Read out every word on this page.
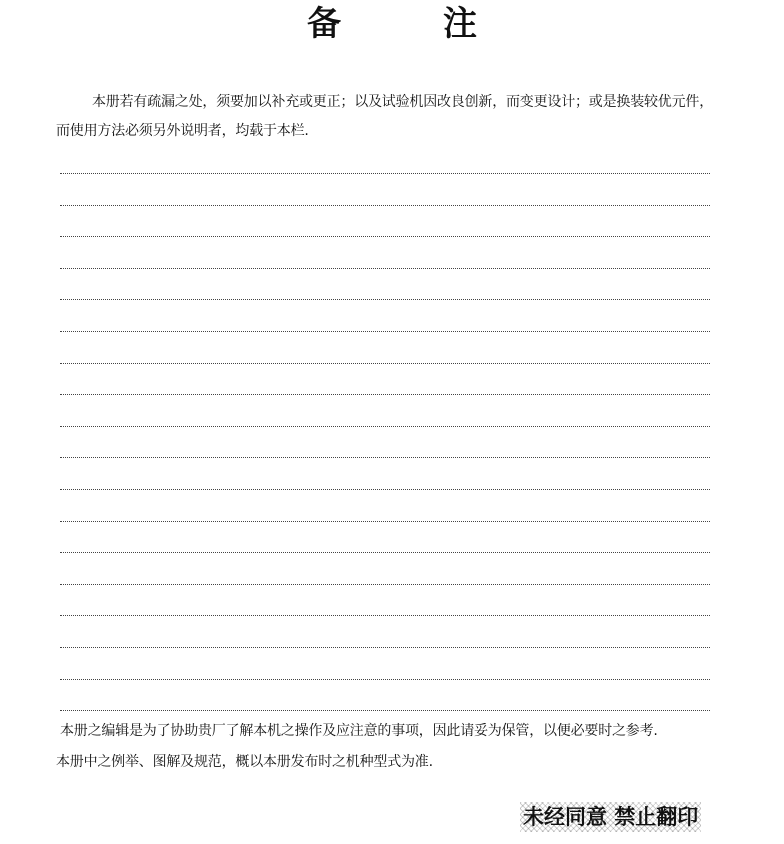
备　注
本册若有疏漏之处，须要加以补充或更正；以及试验机因改良创新，而变更设计；或是换装较优元件，而使用方法必须另外说明者，均载于本栏.
本册之编辑是为了协助贵厂了解本机之操作及应注意的事项，因此请妥为保管，以便必要时之参考.
本册中之例举、图解及规范，概以本册发布时之机种型式为准.
未经同意 禁止翻印
